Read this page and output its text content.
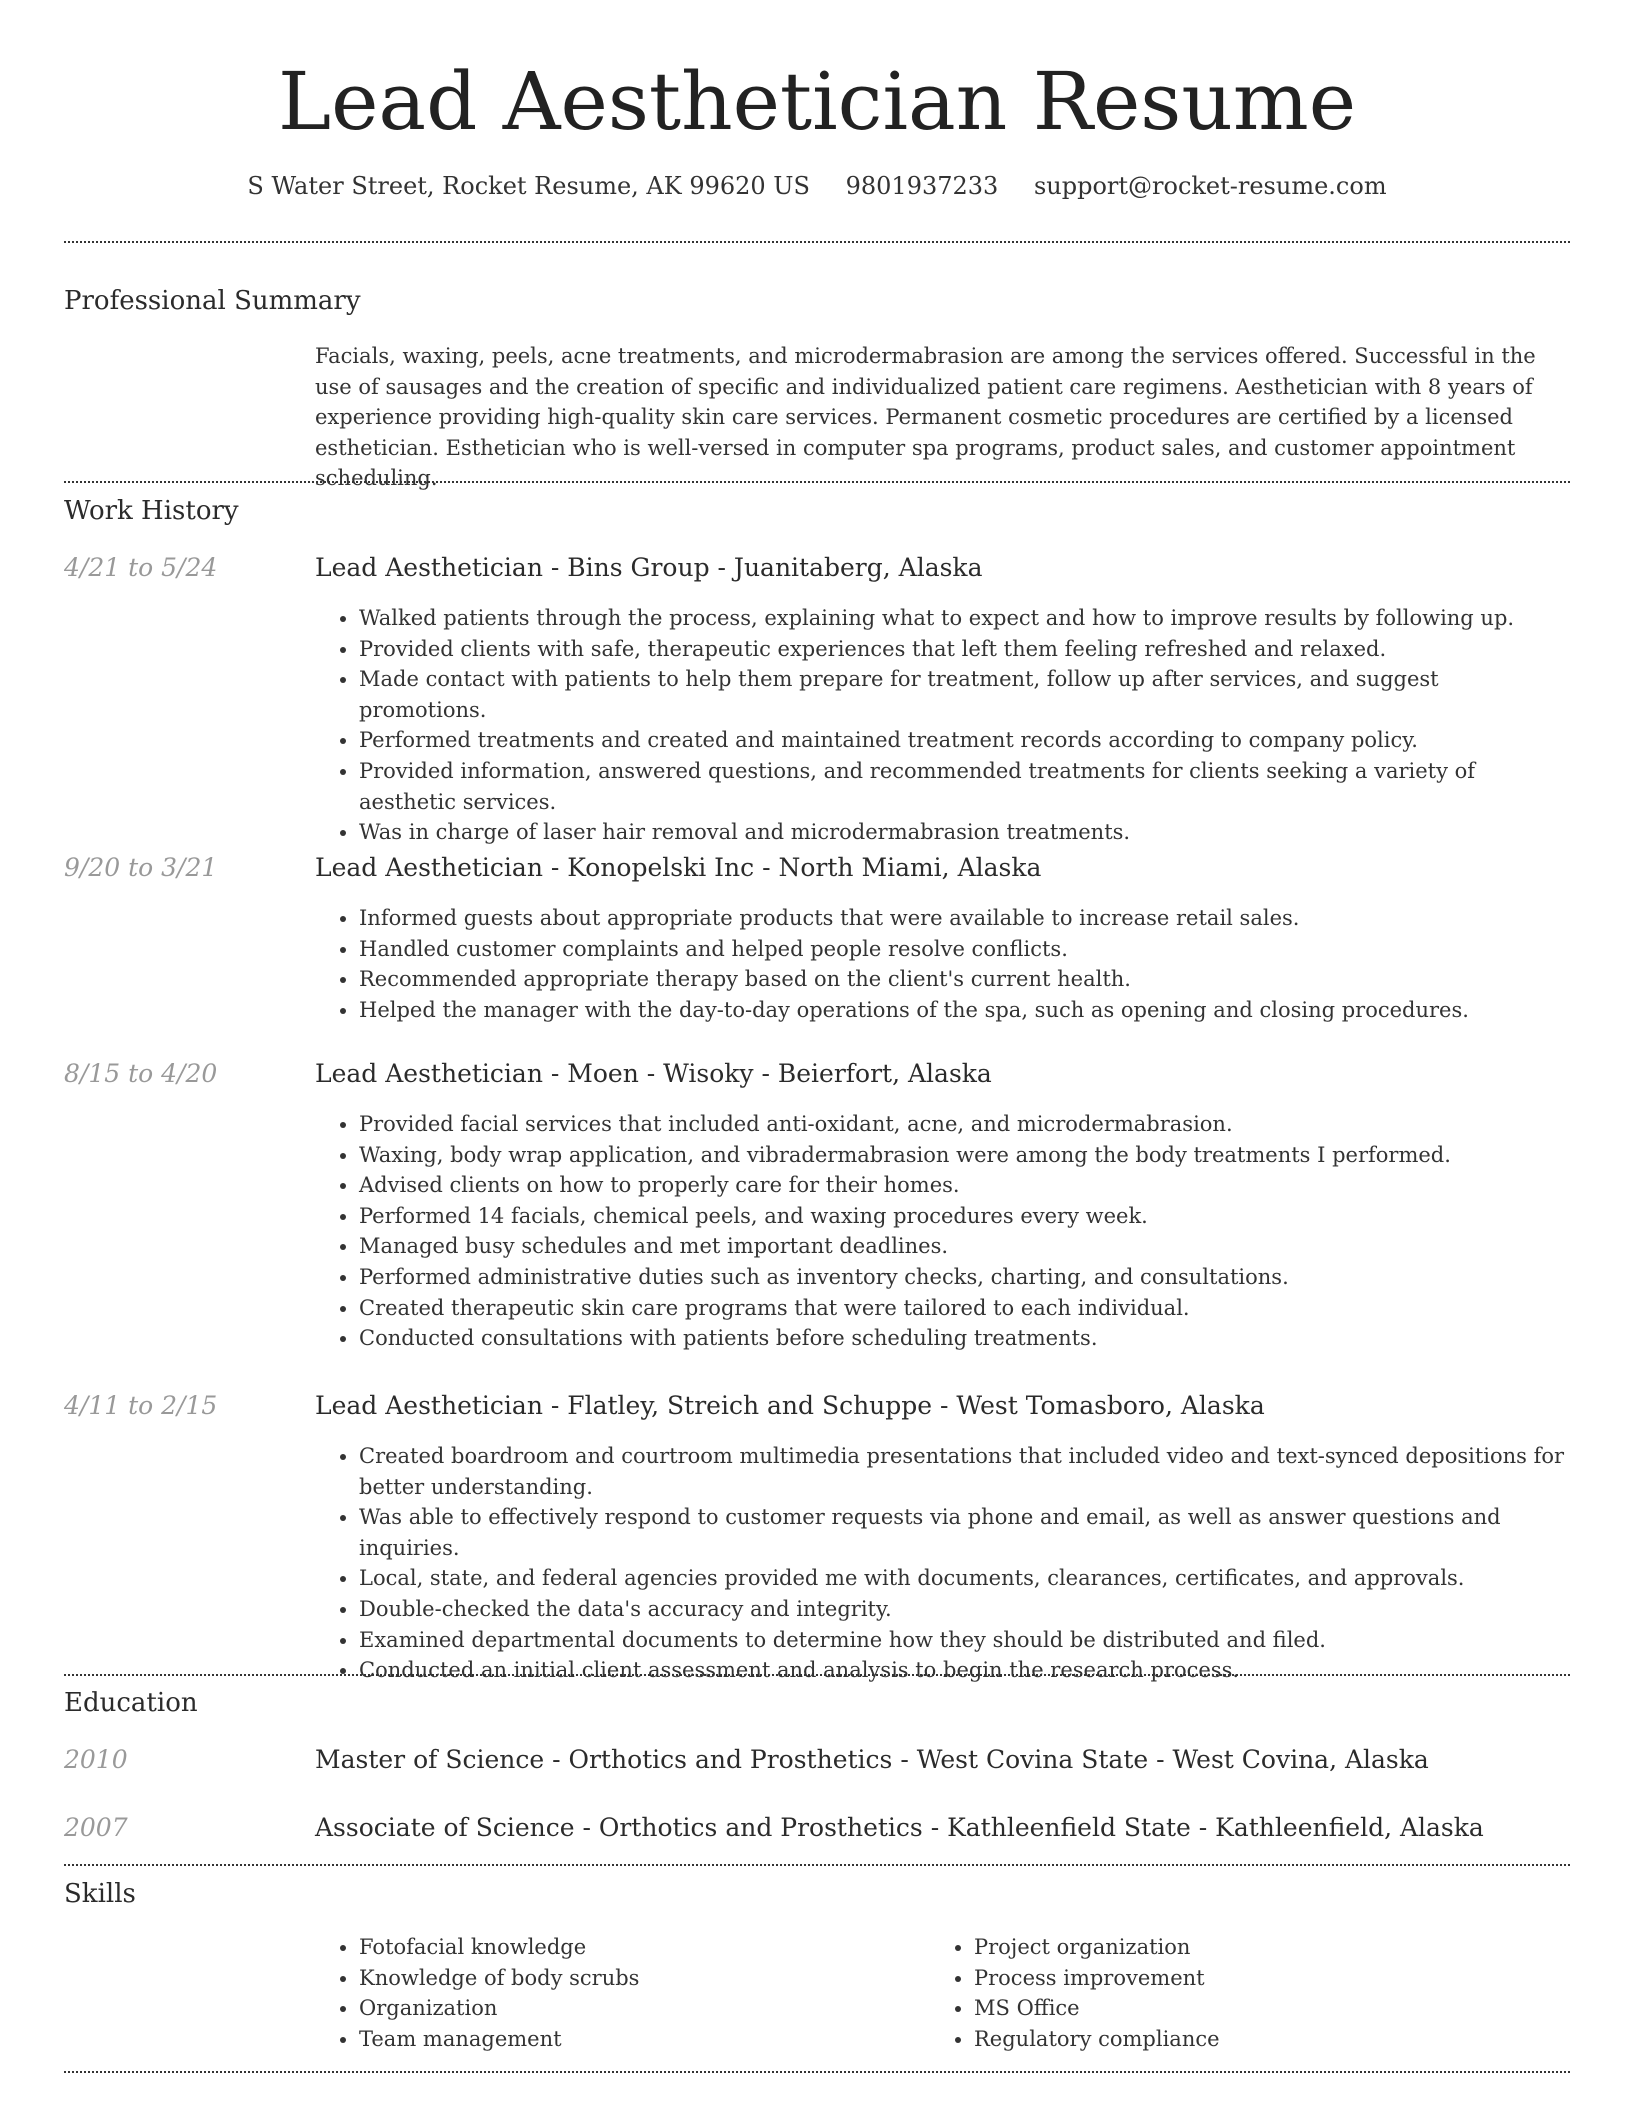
Lead Aesthetician Resume
S Water Street, Rocket Resume, AK 99620 US 9801937233 support@rocket-resume.com
Professional Summary

Facials, waxing, peels, acne treatments, and microdermabrasion are among the services offered. Successful in the use of sausages and the creation of specific and individualized patient care regimens. Aesthetician with 8 years of experience providing high-quality skin care services. Permanent cosmetic procedures are certified by a licensed esthetician. Esthetician who is well-versed in computer spa programs, product sales, and customer appointment scheduling.

Work History
4/21 to 5/24	Lead Aesthetician - Bins Group - Juanitaberg, Alaska
• Walked patients through the process, explaining what to expect and how to improve results by following up.
• Provided clients with safe, therapeutic experiences that left them feeling refreshed and relaxed.
• Made contact with patients to help them prepare for treatment, follow up after services, and suggest promotions.
• Performed treatments and created and maintained treatment records according to company policy.
• Provided information, answered questions, and recommended treatments for clients seeking a variety of aesthetic services.
• Was in charge of laser hair removal and microdermabrasion treatments.
9/20 to 3/21	Lead Aesthetician - Konopelski Inc - North Miami, Alaska
• Informed guests about appropriate products that were available to increase retail sales.
• Handled customer complaints and helped people resolve conflicts.
• Recommended appropriate therapy based on the client's current health.
• Helped the manager with the day-to-day operations of the spa, such as opening and closing procedures.
8/15 to 4/20	Lead Aesthetician - Moen - Wisoky - Beierfort, Alaska
• Provided facial services that included anti-oxidant, acne, and microdermabrasion.
• Waxing, body wrap application, and vibradermabrasion were among the body treatments I performed.
• Advised clients on how to properly care for their homes.
• Performed 14 facials, chemical peels, and waxing procedures every week.
• Managed busy schedules and met important deadlines.
• Performed administrative duties such as inventory checks, charting, and consultations.
• Created therapeutic skin care programs that were tailored to each individual.
• Conducted consultations with patients before scheduling treatments.
4/11 to 2/15	Lead Aesthetician - Flatley, Streich and Schuppe - West Tomasboro, Alaska
• Created boardroom and courtroom multimedia presentations that included video and text-synced depositions for better understanding.
• Was able to effectively respond to customer requests via phone and email, as well as answer questions and inquiries.
• Local, state, and federal agencies provided me with documents, clearances, certificates, and approvals.
• Double-checked the data's accuracy and integrity.
• Examined departmental documents to determine how they should be distributed and filed.
• Conducted an initial client assessment and analysis to begin the research process.
Education
2010	Master of Science - Orthotics and Prosthetics - West Covina State - West Covina, Alaska
2007	Associate of Science - Orthotics and Prosthetics - Kathleenfield State - Kathleenfield, Alaska
Skills
• Fotofacial knowledge
• Knowledge of body scrubs
• Organization
• Team management
• Project organization
• Process improvement
• MS Office
• Regulatory compliance
